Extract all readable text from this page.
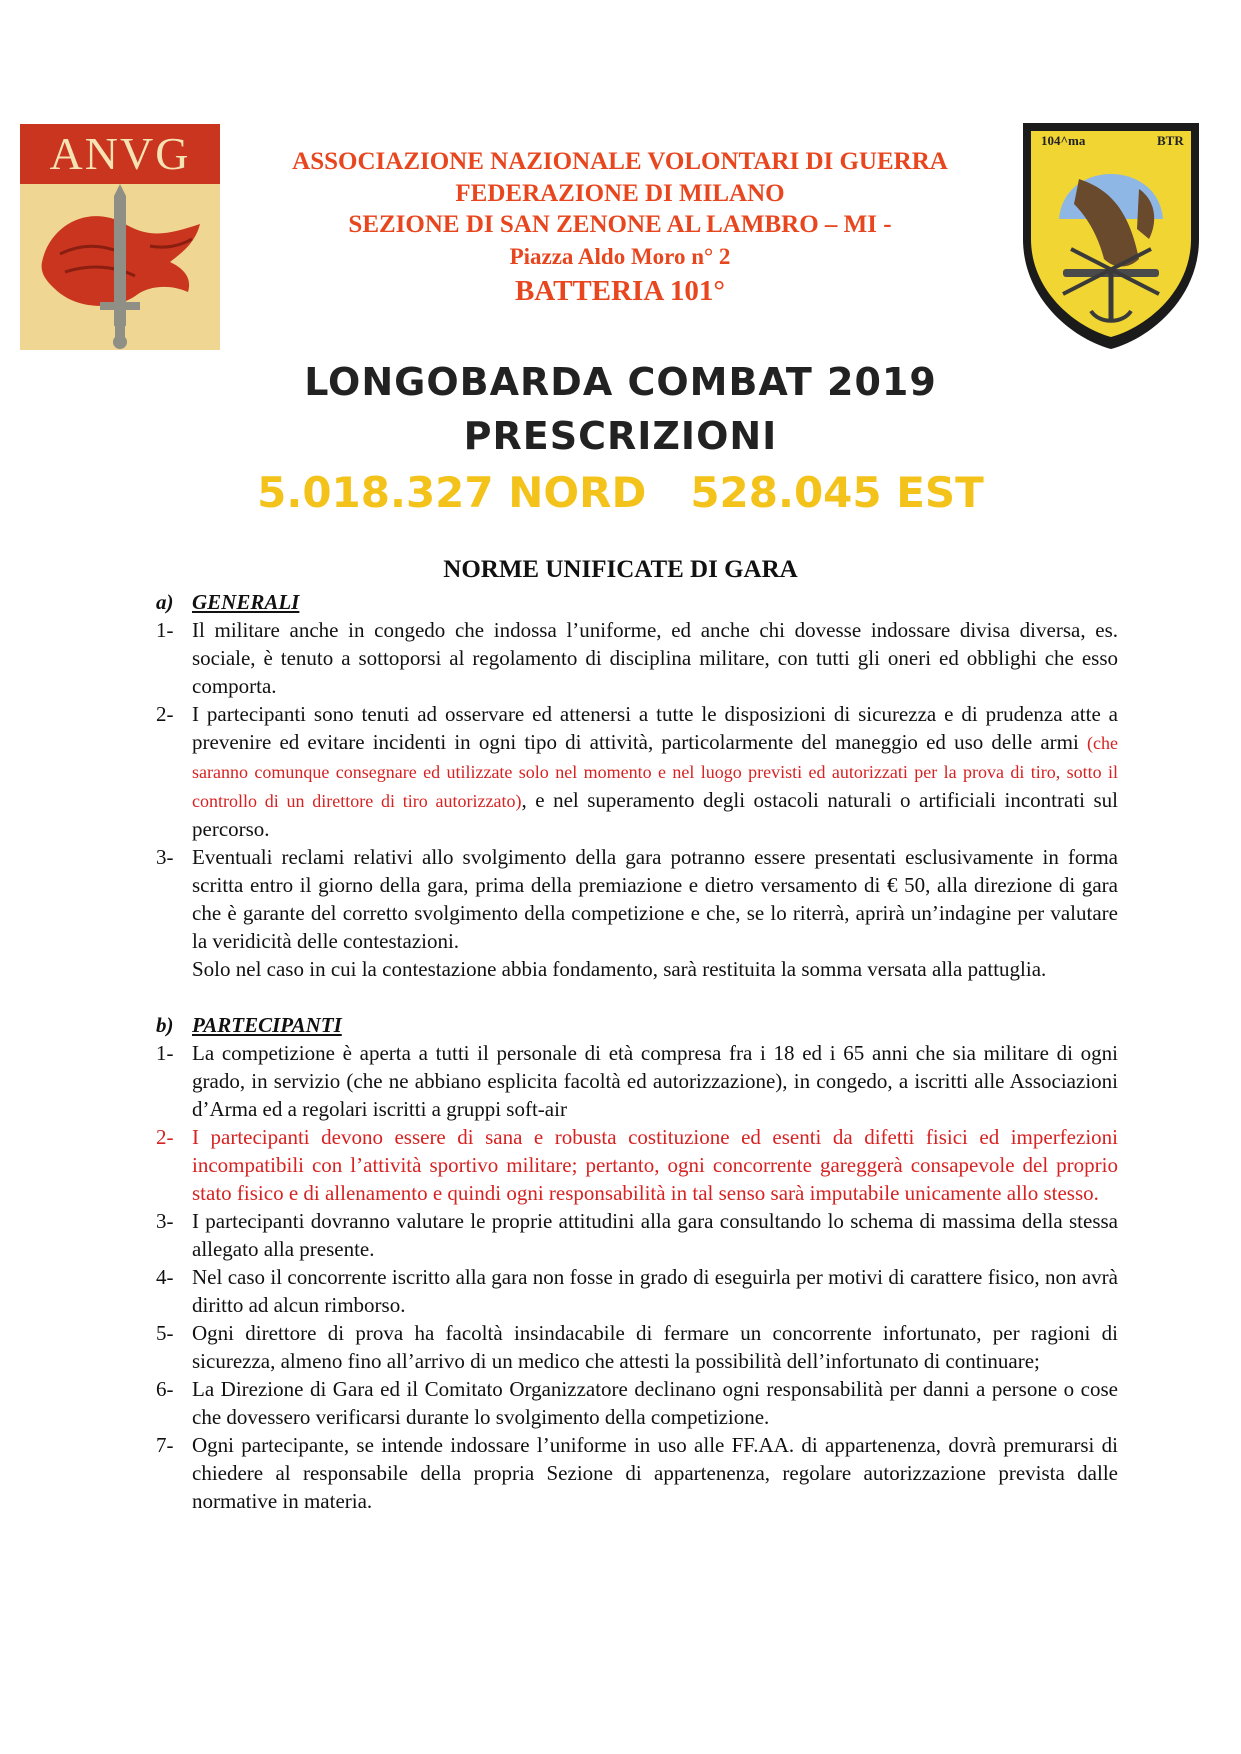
ANVG	104^ma	BTR
ASSOCIAZIONE NAZIONALE VOLONTARI DI GUERRA
FEDERAZIONE DI MILANO
SEZIONE DI SAN ZENONE AL LAMBRO – MI -
Piazza Aldo Moro n° 2
BATTERIA 101°
LONGOBARDA COMBAT 2019
PRESCRIZIONI
5.018.327 NORD 528.045 EST
NORME UNIFICATE DI GARA

a) GENERALI

1- Il militare anche in congedo che indossa l’uniforme, ed anche chi dovesse indossare divisa diversa, es. sociale, è tenuto a sottoporsi al regolamento di disciplina militare, con tutti gli oneri ed obblighi che esso comporta.
2- I partecipanti sono tenuti ad osservare ed attenersi a tutte le disposizioni di sicurezza e di prudenza atte a prevenire ed evitare incidenti in ogni tipo di attività, particolarmente del maneggio ed uso delle armi (che saranno comunque consegnare ed utilizzate solo nel momento e nel luogo previsti ed autorizzati per la prova di tiro, sotto il controllo di un direttore di tiro autorizzato), e nel superamento degli ostacoli naturali o artificiali incontrati sul percorso.
3- Eventuali reclami relativi allo svolgimento della gara potranno essere presentati esclusivamente in forma scritta entro il giorno della gara, prima della premiazione e dietro versamento di € 50, alla direzione di gara che è garante del corretto svolgimento della competizione e che, se lo riterrà, aprirà un’indagine per valutare la veridicità delle contestazioni.
Solo nel caso in cui la contestazione abbia fondamento, sarà restituita la somma versata alla pattuglia.

b) PARTECIPANTI

1- La competizione è aperta a tutti il personale di età compresa fra i 18 ed i 65 anni che sia militare di ogni grado, in servizio (che ne abbiano esplicita facoltà ed autorizzazione), in congedo, a iscritti alle Associazioni d’Arma ed a regolari iscritti a gruppi soft-air
2- I partecipanti devono essere di sana e robusta costituzione ed esenti da difetti fisici ed imperfezioni incompatibili con l’attività sportivo militare; pertanto, ogni concorrente gareggerà consapevole del proprio stato fisico e di allenamento e quindi ogni responsabilità in tal senso sarà imputabile unicamente allo stesso.
3- I partecipanti dovranno valutare le proprie attitudini alla gara consultando lo schema di massima della stessa allegato alla presente.
4- Nel caso il concorrente iscritto alla gara non fosse in grado di eseguirla per motivi di carattere fisico, non avrà diritto ad alcun rimborso.
5- Ogni direttore di prova ha facoltà insindacabile di fermare un concorrente infortunato, per ragioni di sicurezza, almeno fino all’arrivo di un medico che attesti la possibilità dell’infortunato di continuare;
6- La Direzione di Gara ed il Comitato Organizzatore declinano ogni responsabilità per danni a persone o cose che dovessero verificarsi durante lo svolgimento della competizione.
7- Ogni partecipante, se intende indossare l’uniforme in uso alle FF.AA. di appartenenza, dovrà premurarsi di chiedere al responsabile della propria Sezione di appartenenza, regolare autorizzazione prevista dalle normative in materia.
